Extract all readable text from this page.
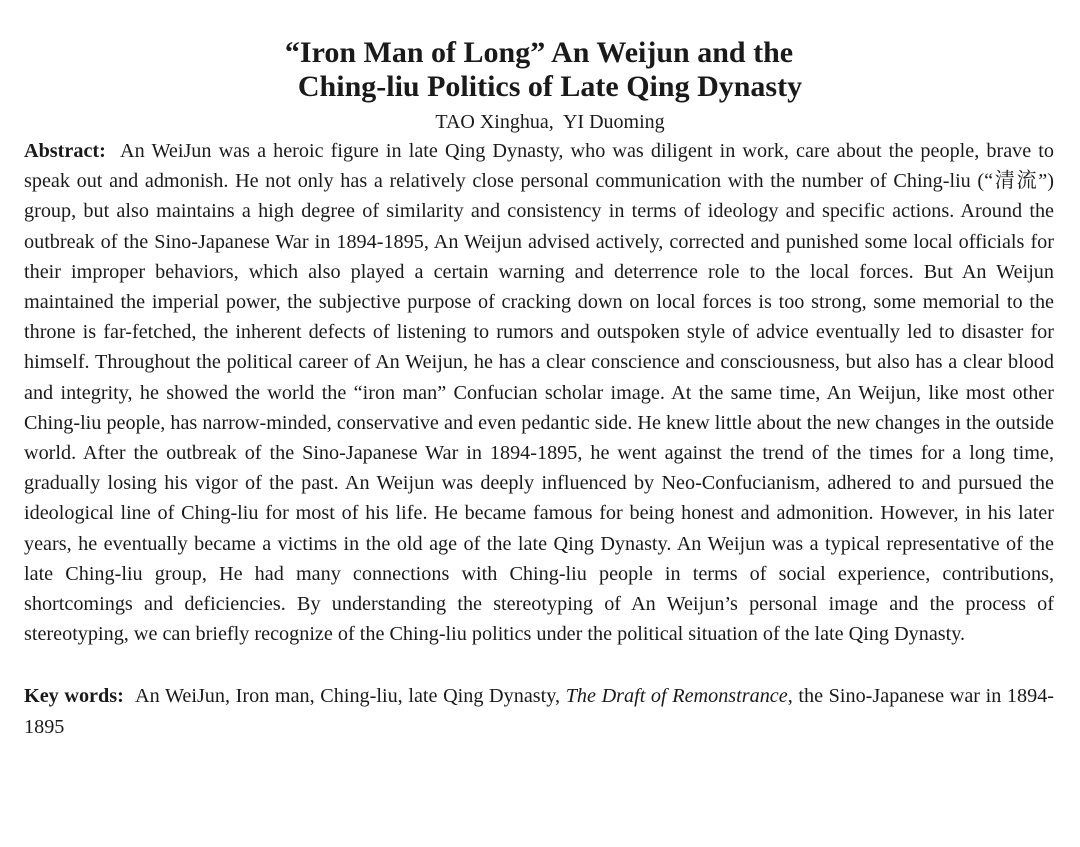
“Iron Man of Long” An Weijun and the
Ching-liu Politics of Late Qing Dynasty
TAO Xinghua,  YI Duoming

Abstract: An WeiJun was a heroic figure in late Qing Dynasty, who was diligent in work, care about the people, brave to speak out and admonish. He not only has a relatively close personal communication with the number of Ching-liu (“清流”) group, but also maintains a high degree of similarity and consistency in terms of ideology and specific actions. Around the outbreak of the Sino-Japanese War in 1894-1895, An Weijun advised actively, corrected and punished some local officials for their improper behaviors, which also played a certain warning and deterrence role to the local forces. But An Weijun maintained the imperial power, the subjective purpose of cracking down on local forces is too strong, some memorial to the throne is far-fetched, the inherent defects of listening to rumors and outspoken style of advice eventually led to disaster for himself. Throughout the political career of An Weijun, he has a clear conscience and consciousness, but also has a clear blood and integrity, he showed the world the “iron man” Confucian scholar image. At the same time, An Weijun, like most other Ching-liu people, has narrow-minded, conservative and even pedantic side. He knew little about the new changes in the outside world. After the outbreak of the Sino-Japanese War in 1894-1895, he went against the trend of the times for a long time, gradually losing his vigor of the past. An Weijun was deeply influenced by Neo-Confucianism, adhered to and pursued the ideological line of Ching-liu for most of his life. He became famous for being honest and admonition. However, in his later years, he eventually became a victims in the old age of the late Qing Dynasty. An Weijun was a typical representative of the late Ching-liu group, He had many connections with Ching-liu people in terms of social experience, contributions, shortcomings and deficiencies. By understanding the stereotyping of An Weijun’s personal image and the process of stereotyping, we can briefly recognize of the Ching-liu politics under the political situation of the late Qing Dynasty.

Key words: An WeiJun, Iron man, Ching-liu, late Qing Dynasty, The Draft of Remonstrance, the Sino-Japanese war in 1894-1895
